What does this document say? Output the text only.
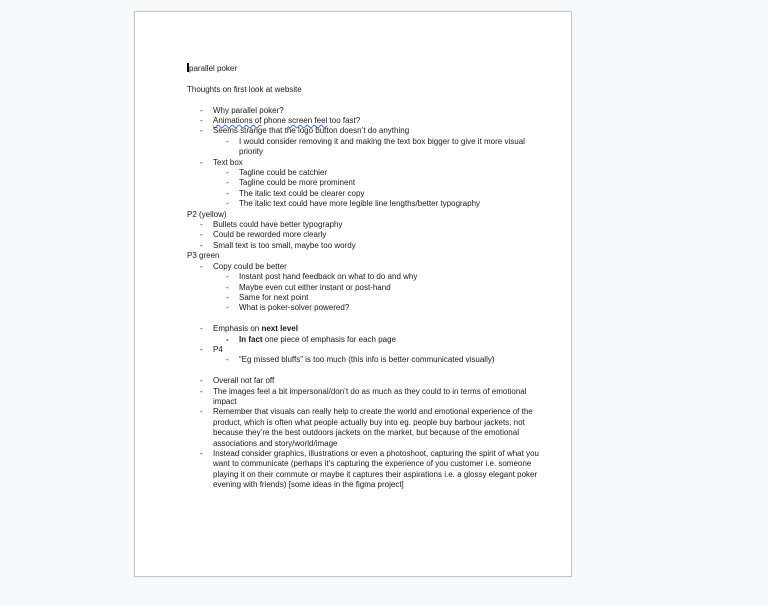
parallel poker

Thoughts on first look at website

-	Why parallel poker?

-	Animations of phone screen feel too fast?

-	Seems strange that the logo button doesn’t do anything

-	I would consider removing it and making the text box bigger to give it more visual priority

-	Text box

-	Tagline could be catchier

-	Tagline could be more prominent

-	The italic text could be clearer copy

-	The italic text could have more legible line lengths/better typography

P2 (yellow)

-	Bullets could have better typography

-	Could be reworded more clearly

-	Small text is too small, maybe too wordy

P3 green

-	Copy could be better

-	Instant post hand feedback on what to do and why

-	Maybe even cut either instant or post-hand

-	Same for next point

-	What is poker-solver powered?

-	Emphasis on next level

-	In fact one piece of emphasis for each page

-	P4

-	“Eg missed bluffs” is too much (this info is better communicated visually)

-	Overall not far off

-	The images feel a bit impersonal/don’t do as much as they could to in terms of emotional impact

-	Remember that visuals can really help to create the world and emotional experience of the product, which is often what people actually buy into eg. people buy barbour jackets, not because they’re the best outdoors jackets on the market, but because of the emotional associations and story/world/image

-	Instead consider graphics, illustrations or even a photoshoot, capturing the spirit of what you want to communicate (perhaps it’s capturing the experience of you customer i.e. someone playing it on their commute or maybe it captures their aspirations i.e. a glossy elegant poker evening with friends) [some ideas in the figma project]
